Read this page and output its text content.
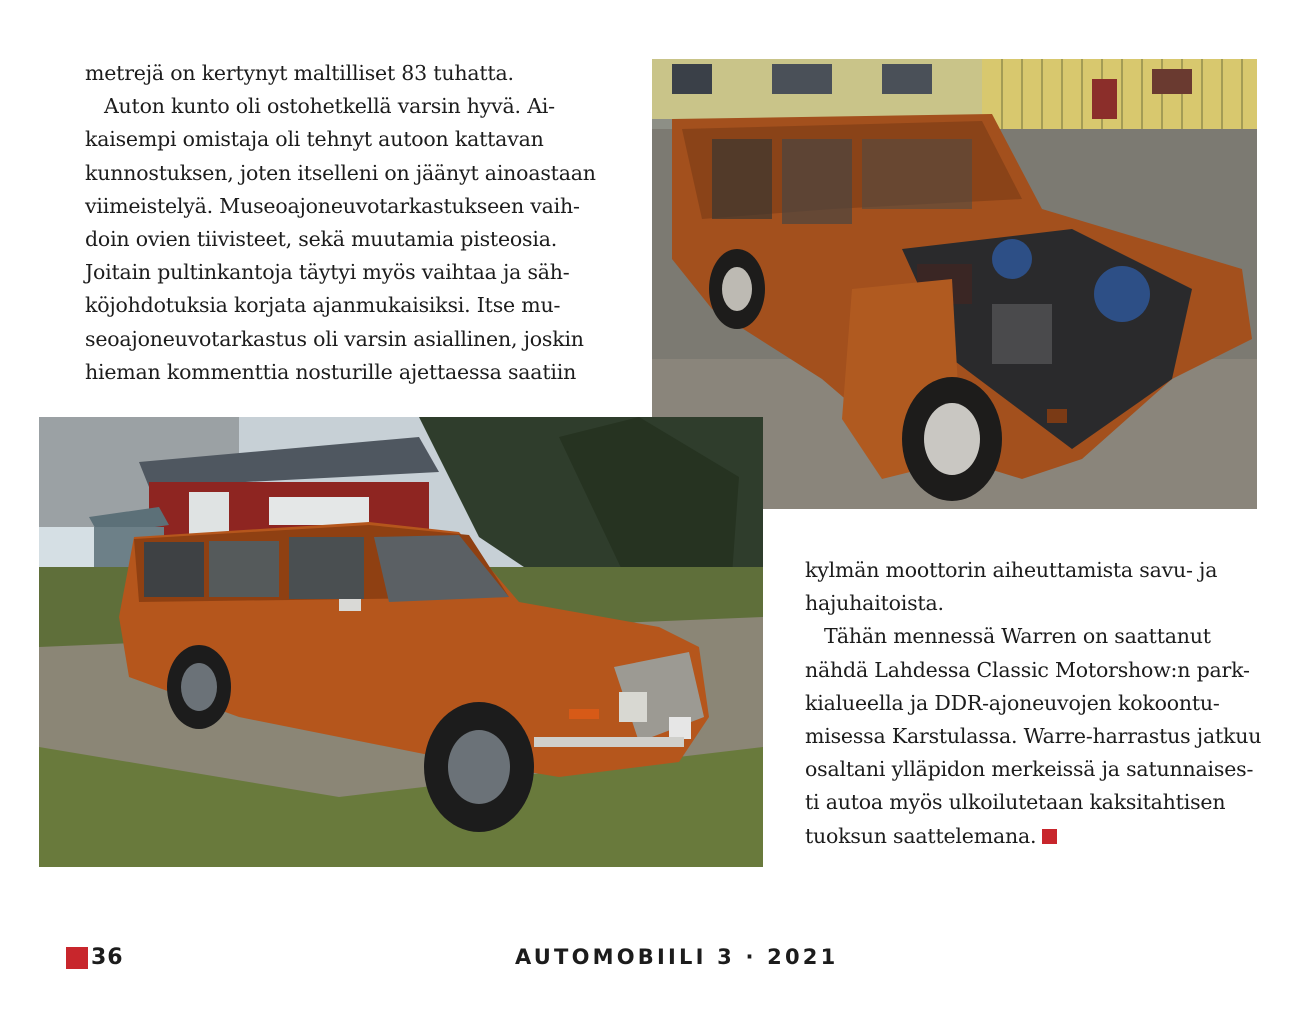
metrejä on kertynyt maltilliset 83 tuhatta.
Auton kunto oli ostohetkellä varsin hyvä. Ai-
kaisempi omistaja oli tehnyt autoon kattavan
kunnostuksen, joten itselleni on jäänyt ainoastaan
viimeistelyä. Museoajoneuvotarkastukseen vaih-
doin ovien tiivisteet, sekä muutamia pisteosia.
Joitain pultinkantoja täytyi myös vaihtaa ja säh-
köjohdotuksia korjata ajanmukaisiksi. Itse mu-
seoajoneuvotarkastus oli varsin asiallinen, joskin
hieman kommenttia nosturille ajettaessa saatiin
kylmän moottorin aiheuttamista savu- ja
hajuhaitoista.
Tähän mennessä Warren on saattanut
nähdä Lahdessa Classic Motorshow:n park-
kialueella ja DDR-ajoneuvojen kokoontu-
misessa Karstulassa. Warre-harrastus jatkuu
osaltani ylläpidon merkeissä ja satunnaises-
ti autoa myös ulkoilutetaan kaksitahtisen
tuoksun saattelemana.
36	AUTOMOBIILI 3 · 2021
